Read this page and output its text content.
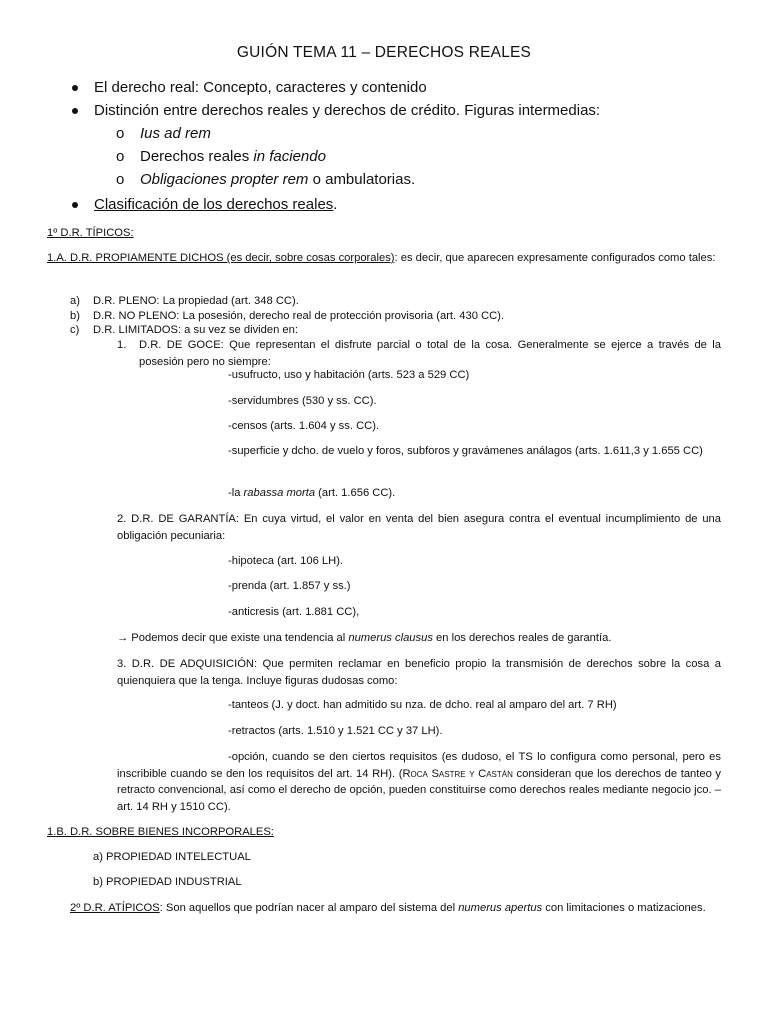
GUIÓN TEMA 11 – DERECHOS REALES
El derecho real: Concepto, caracteres y contenido
Distinción entre derechos reales y derechos de crédito. Figuras intermedias:
o Ius ad rem
o Derechos reales in faciendo
o Obligaciones propter rem o ambulatorias.
Clasificación de los derechos reales.
1º D.R. TÍPICOS:
1.A. D.R. PROPIAMENTE DICHOS (es decir, sobre cosas corporales): es decir, que aparecen expresamente configurados como tales:
a) D.R. PLENO: La propiedad (art. 348 CC).
b) D.R. NO PLENO: La posesión, derecho real de protección provisoria (art. 430 CC).
c) D.R. LIMITADOS: a su vez se dividen en:
1. D.R. DE GOCE: Que representan el disfrute parcial o total de la cosa. Generalmente se ejerce a través de la posesión pero no siempre:
-usufructo, uso y habitación (arts. 523 a 529 CC)
-servidumbres (530 y ss. CC).
-censos (arts. 1.604 y ss. CC).
-superficie y dcho. de vuelo y foros, subforos y gravámenes análagos (arts. 1.611,3 y 1.655 CC)
-la rabassa morta (art. 1.656 CC).
2. D.R. DE GARANTÍA: En cuya virtud, el valor en venta del bien asegura contra el eventual incumplimiento de una obligación pecuniaria:
-hipoteca (art. 106 LH).
-prenda (art. 1.857 y ss.)
-anticresis (art. 1.881 CC),
→ Podemos decir que existe una tendencia al numerus clausus en los derechos reales de garantía.
3. D.R. DE ADQUISICIÓN: Que permiten reclamar en beneficio propio la transmisión de derechos sobre la cosa a quienquiera que la tenga. Incluye figuras dudosas como:
-tanteos (J. y doct. han admitido su nza. de dcho. real al amparo del art. 7 RH)
-retractos (arts. 1.510 y 1.521 CC y 37 LH).
-opción, cuando se den ciertos requisitos (es dudoso, el TS lo configura como personal, pero es inscribible cuando se den los requisitos del art. 14 RH). (Roca Sastre y Castán consideran que los derechos de tanteo y retracto convencional, así como el derecho de opción, pueden constituirse como derechos reales mediante negocio jco. –art. 14 RH y 1510 CC).
1.B. D.R. SOBRE BIENES INCORPORALES:
a) PROPIEDAD INTELECTUAL
b) PROPIEDAD INDUSTRIAL
2º D.R. ATÍPICOS: Son aquellos que podrían nacer al amparo del sistema del numerus apertus con limitaciones o matizaciones.
